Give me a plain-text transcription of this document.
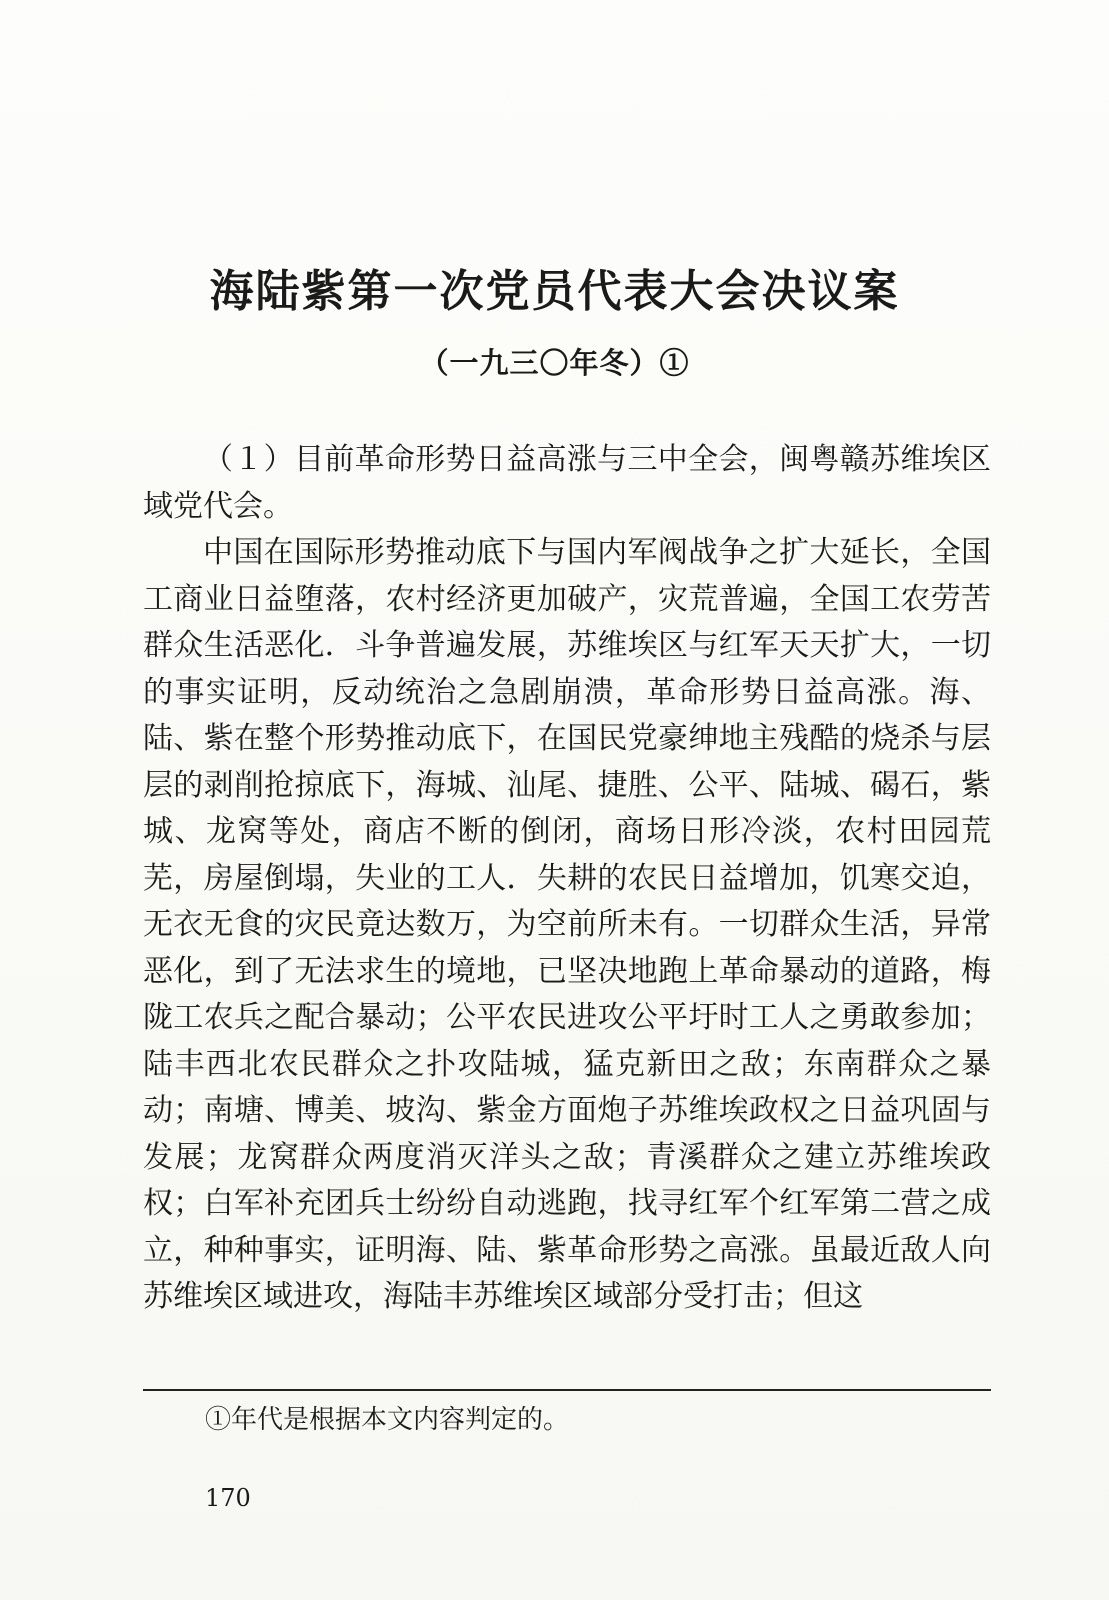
海陆紫第一次党员代表大会决议案
（一九三〇年冬）①

（１）目前革命形势日益高涨与三中全会，闽粤赣苏维埃区域党代会。

中国在国际形势推动底下与国内军阀战争之扩大延长，全国工商业日益堕落，农村经济更加破产，灾荒普遍，全国工农劳苦群众生活恶化．斗争普遍发展，苏维埃区与红军天天扩大，一切的事实证明，反动统治之急剧崩溃，革命形势日益高涨。海、陆、紫在整个形势推动底下，在国民党豪绅地主残酷的烧杀与层层的剥削抢掠底下，海城、汕尾、捷胜、公平、陆城、碣石，紫城、龙窝等处，商店不断的倒闭，商场日形冷淡，农村田园荒芜，房屋倒塌，失业的工人．失耕的农民日益增加，饥寒交迫，无衣无食的灾民竟达数万，为空前所未有。一切群众生活，异常恶化，到了无法求生的境地，已坚决地跑上革命暴动的道路，梅陇工农兵之配合暴动；公平农民进攻公平圩时工人之勇敢参加；陆丰西北农民群众之扑攻陆城，猛克新田之敌；东南群众之暴动；南塘、博美、坡沟、紫金方面炮子苏维埃政权之日益巩固与发展；龙窝群众两度消灭洋头之敌；青溪群众之建立苏维埃政权；白军补充团兵士纷纷自动逃跑，找寻红军个红军第二营之成立，种种事实，证明海、陆、紫革命形势之高涨。虽最近敌人向苏维埃区域进攻，海陆丰苏维埃区域部分受打击；但这

①年代是根据本文内容判定的。
170
